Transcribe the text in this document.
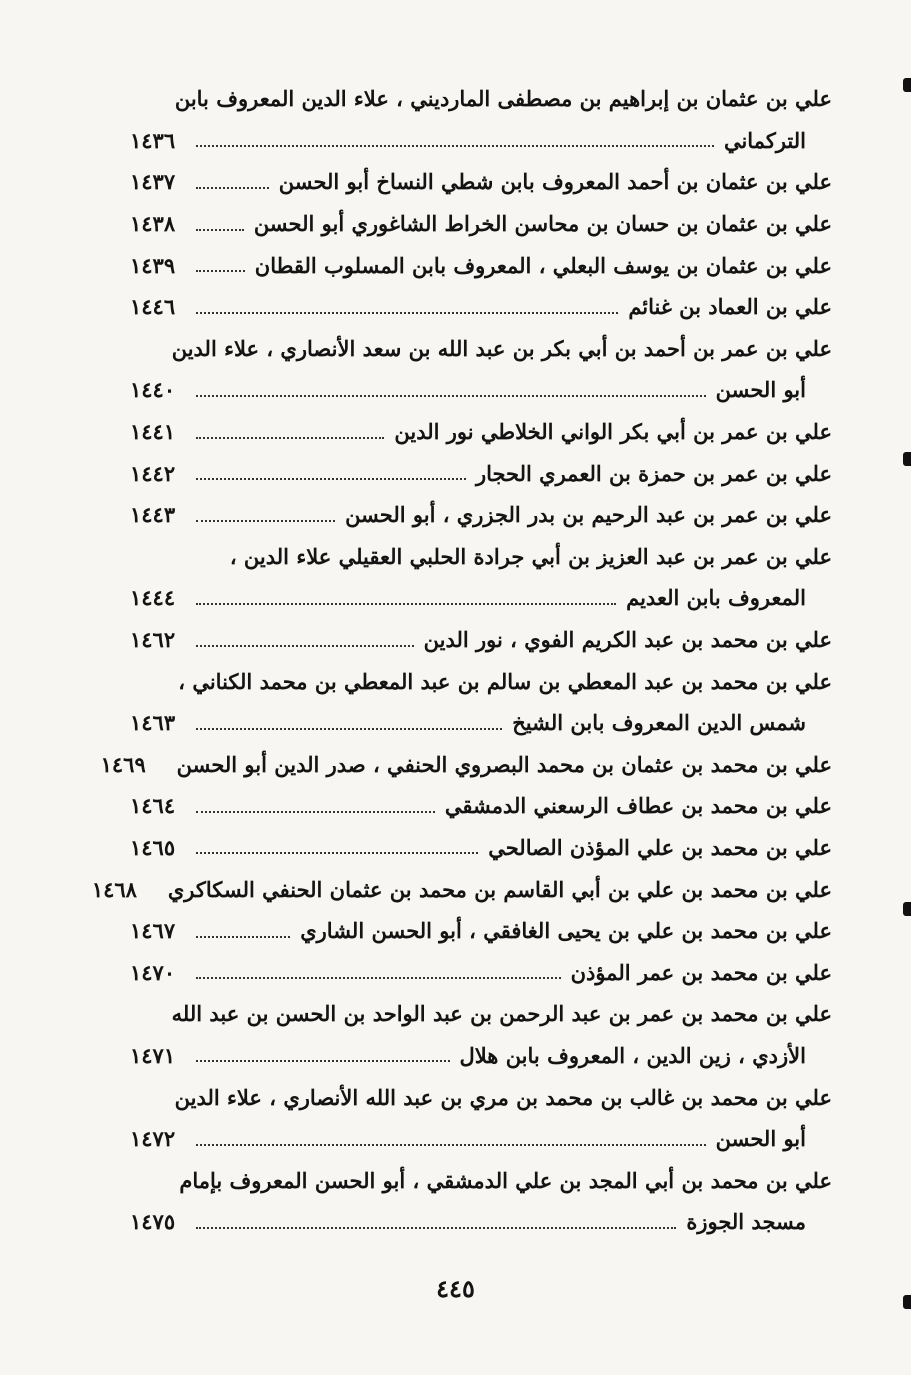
علي بن عثمان بن إبراهيم بن مصطفى الماردیني ، علاء الدين المعروف بابن
التركماني
١٤٣٦
علي بن عثمان بن أحمد المعروف بابن شطي النساخ أبو الحسن
١٤٣٧
علي بن عثمان بن حسان بن محاسن الخراط الشاغوري أبو الحسن
١٤٣٨
علي بن عثمان بن يوسف البعلي ، المعروف بابن المسلوب القطان
١٤٣٩
علي بن العماد بن غنائم
١٤٤٦
علي بن عمر بن أحمد بن أبي بكر بن عبد الله بن سعد الأنصاري ، علاء الدين
أبو الحسن
١٤٤٠
علي بن عمر بن أبي بكر الواني الخلاطي نور الدين
١٤٤١
علي بن عمر بن حمزة بن العمري الحجار
١٤٤٢
علي بن عمر بن عبد الرحيم بن بدر الجزري ، أبو الحسن
١٤٤٣
علي بن عمر بن عبد العزيز بن أبي جرادة الحلبي العقيلي علاء الدين ،
المعروف بابن العديم
١٤٤٤
علي بن محمد بن عبد الكريم الفوي ، نور الدين
١٤٦٢
علي بن محمد بن عبد المعطي بن سالم بن عبد المعطي بن محمد الكناني ،
شمس الدين المعروف بابن الشيخ
١٤٦٣
علي بن محمد بن عثمان بن محمد البصروي الحنفي ، صدر الدين أبو الحسن
١٤٦٩
علي بن محمد بن عطاف الرسعني الدمشقي
١٤٦٤
علي بن محمد بن علي المؤذن الصالحي
١٤٦٥
علي بن محمد بن علي بن أبي القاسم بن محمد بن عثمان الحنفي السكاكري
١٤٦٨
علي بن محمد بن علي بن يحيى الغافقي ، أبو الحسن الشاري
١٤٦٧
علي بن محمد بن عمر المؤذن
١٤٧٠
علي بن محمد بن عمر بن عبد الرحمن بن عبد الواحد بن الحسن بن عبد الله
الأزدي ، زين الدين ، المعروف بابن هلال
١٤٧١
علي بن محمد بن غالب بن محمد بن مري بن عبد الله الأنصاري ، علاء الدين
أبو الحسن
١٤٧٢
علي بن محمد بن أبي المجد بن علي الدمشقي ، أبو الحسن المعروف بإمام
مسجد الجوزة
١٤٧٥
٤٤٥
